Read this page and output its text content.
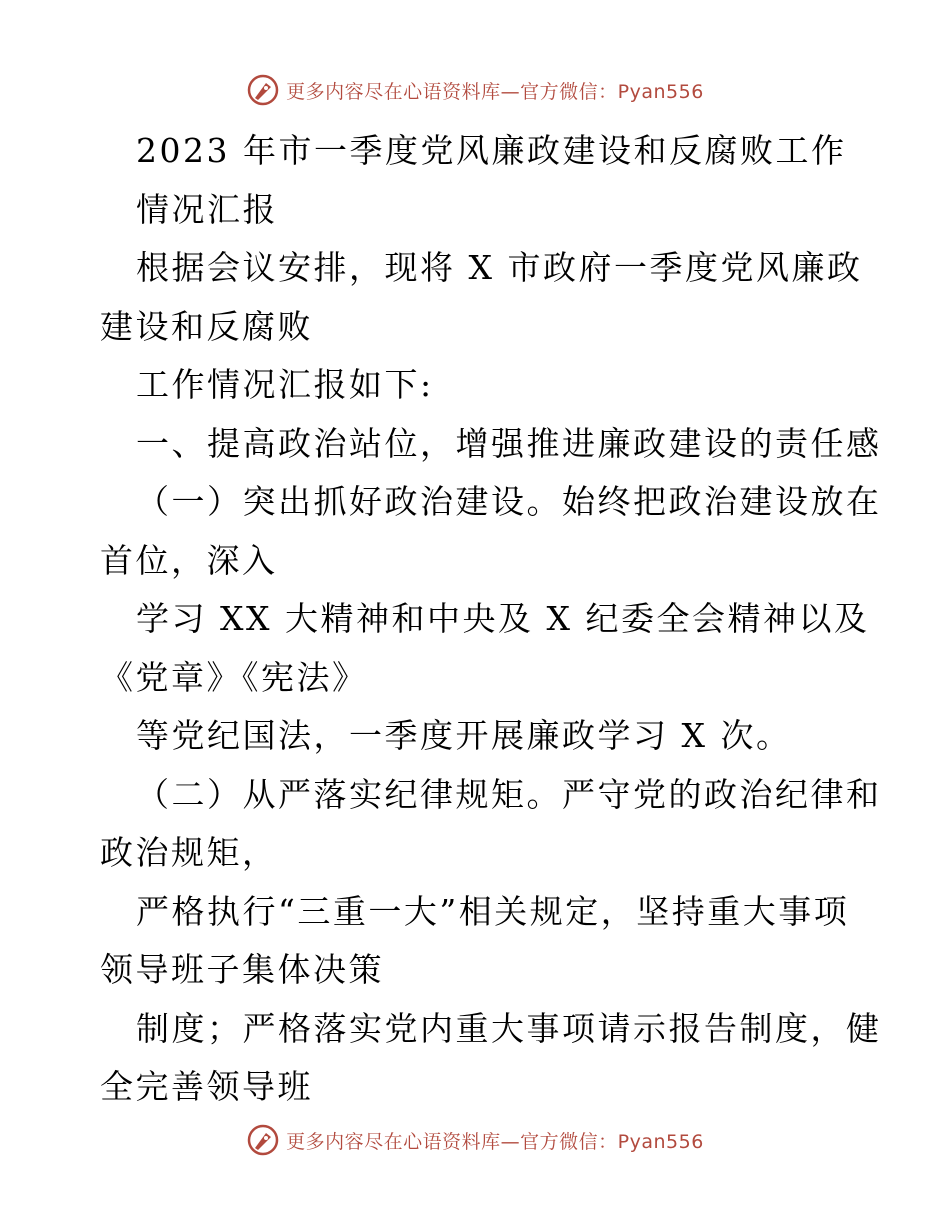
更多内容尽在心语资料库—官方微信：Pyan556
2023 年市一季度党风廉政建设和反腐败工作
情况汇报
根据会议安排，现将 X 市政府一季度党风廉政
建设和反腐败
工作情况汇报如下:
一、提高政治站位，增强推进廉政建设的责任感
（一）突出抓好政治建设。始终把政治建设放在
首位，深入
学习 XX 大精神和中央及 X 纪委全会精神以及
《党章》《宪法》
等党纪国法，一季度开展廉政学习 X 次。
（二）从严落实纪律规矩。严守党的政治纪律和
政治规矩，
严格执行“三重一大”相关规定，坚持重大事项
领导班子集体决策
制度；严格落实党内重大事项请示报告制度，健
全完善领导班
更多内容尽在心语资料库—官方微信：Pyan556
